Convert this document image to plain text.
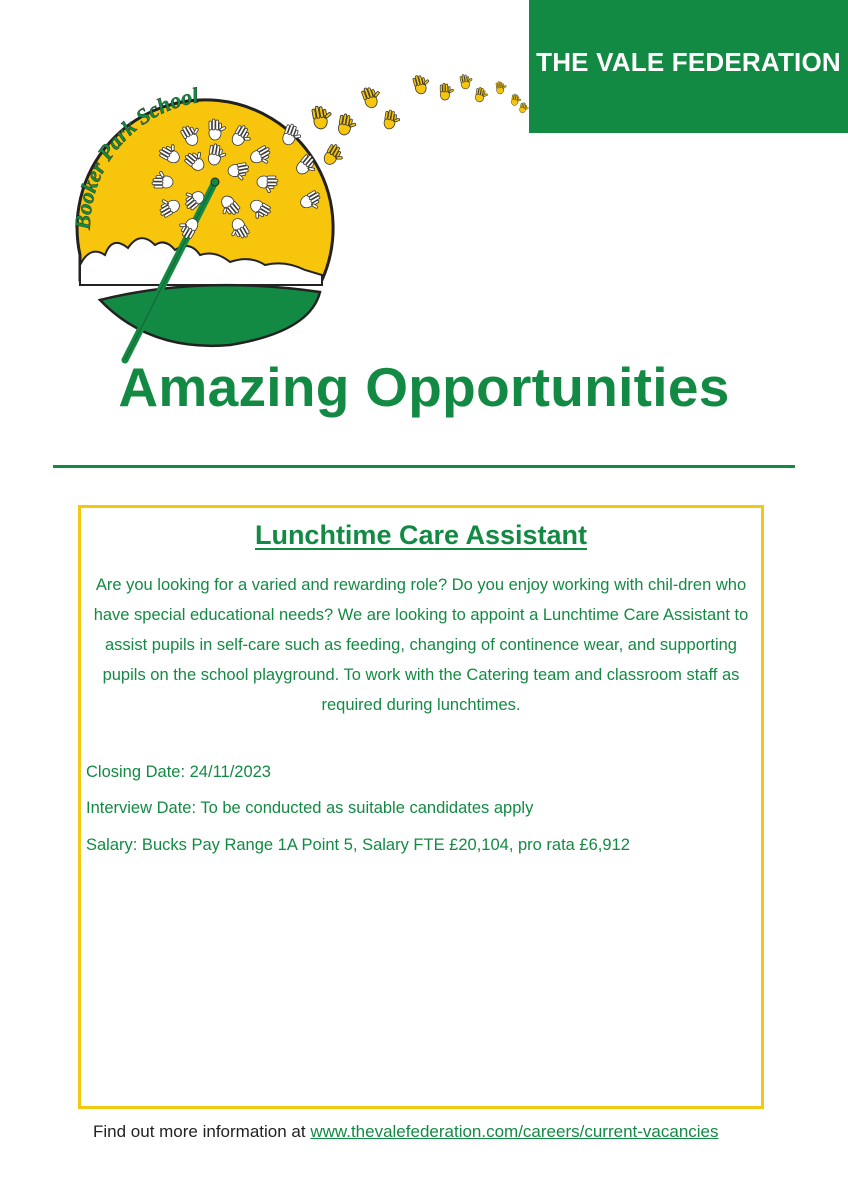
THE VALE FEDERATION
Booker Park School
Amazing Opportunities
Lunchtime Care Assistant
Are you looking for a varied and rewarding role? Do you enjoy working with chil-dren who have special educational needs? We are looking to appoint a Lunchtime Care Assistant to assist pupils in self-care such as feeding, changing of continence wear, and supporting pupils on the school playground. To work with the Catering team and classroom staff as required during lunchtimes.
Closing Date: 24/11/2023
Interview Date: To be conducted as suitable candidates apply
Salary: Bucks Pay Range 1A Point 5, Salary FTE £20,104, pro rata £6,912
Find out more information at www.thevalefederation.com/careers/current-vacancies
